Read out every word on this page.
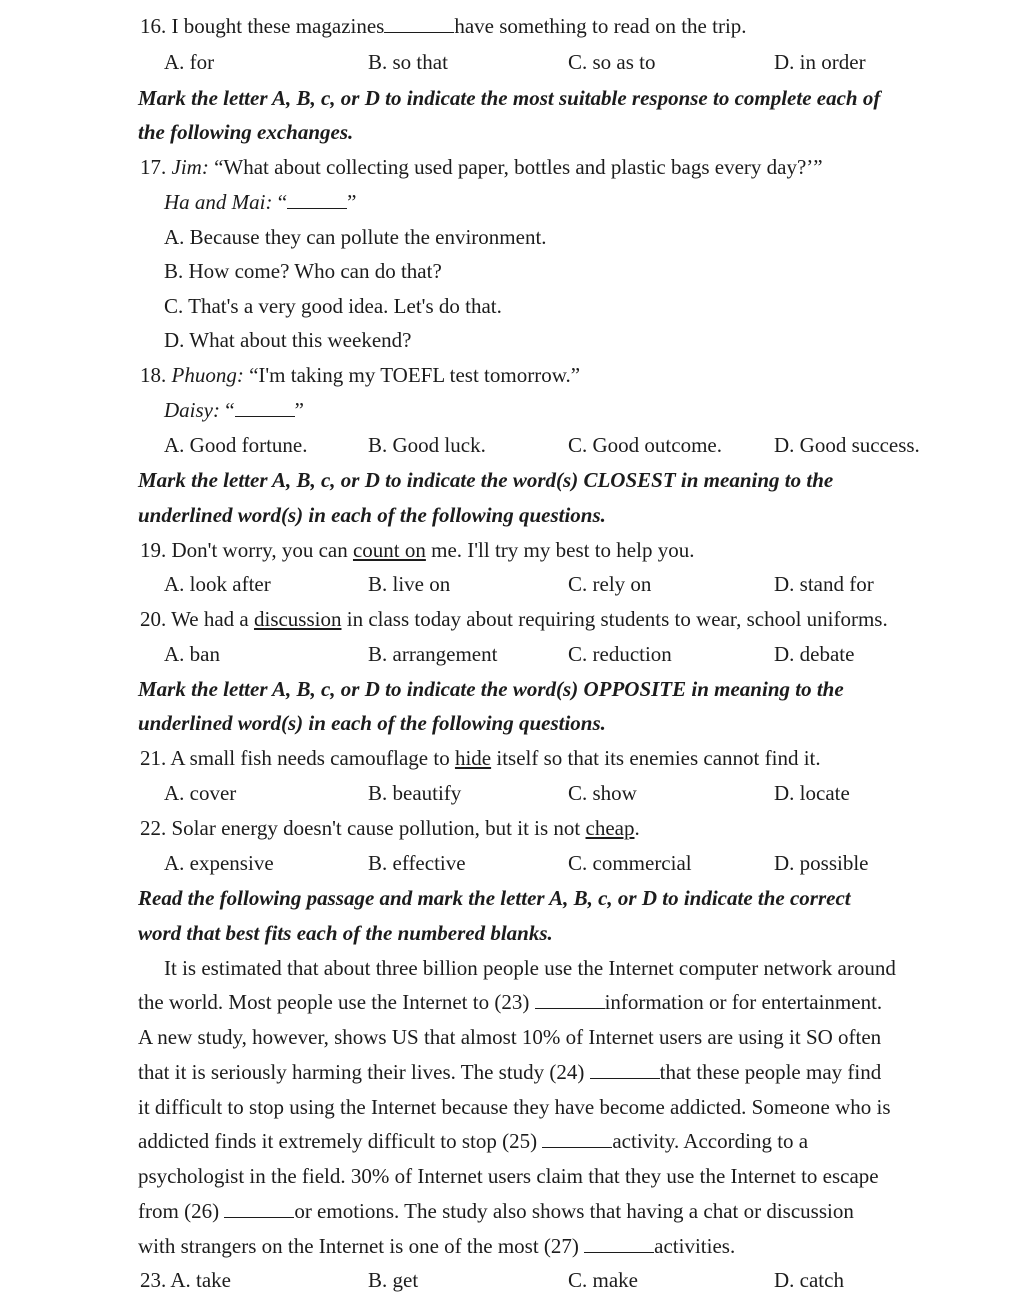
16. I bought these magazines	have something to read on the trip.
A. for	B. so that	C. so as to	D. in order
Mark the letter A, B, c, or D to indicate the most suitable response to complete each of
the following exchanges.
17. Jim: “What about collecting used paper, bottles and plastic bags every day?’”
Ha and Mai: “	”
A. Because they can pollute the environment.
B. How come? Who can do that?
C. That's a very good idea. Let's do that.
D. What about this weekend?
18. Phuong: “I'm taking my TOEFL test tomorrow.”
Daisy: “	”
A. Good fortune.	B. Good luck.	C. Good outcome. D. Good success.
Mark the letter A, B, c, or D to indicate the word(s) CLOSEST in meaning to the
underlined word(s) in each of the following questions.
19. Don't worry, you can count on me. I'll try my best to help you.
A. look after	B. live on	C. rely on	D. stand for
20. We had a discussion in class today about requiring students to wear, school uniforms.
A. ban	B. arrangement	C. reduction	D. debate
Mark the letter A, B, c, or D to indicate the word(s) OPPOSITE in meaning to the
underlined word(s) in each of the following questions.
21. A small fish needs camouflage to hide itself so that its enemies cannot find it.
A. cover	B. beautify	C. show	D. locate
22. Solar energy doesn't cause pollution, but it is not cheap.
A. expensive	B. effective	C. commercial	D. possible
Read the following passage and mark the letter A, B, c, or D to indicate the correct
word that best fits each of the numbered blanks.
It is estimated that about three billion people use the Internet computer network around
the world. Most people use the Internet to (23)	information or for entertainment.
A new study, however, shows US that almost 10% of Internet users are using it SO often
that it is seriously harming their lives. The study (24)	that these people may find
it difficult to stop using the Internet because they have become addicted. Someone who is
addicted finds it extremely difficult to stop (25)	activity. According to a
psychologist in the field. 30% of Internet users claim that they use the Internet to escape
from (26)	or emotions. The study also shows that having a chat or discussion
with strangers on the Internet is one of the most (27)	activities.
23. A. take	B. get	C. make	D. catch
